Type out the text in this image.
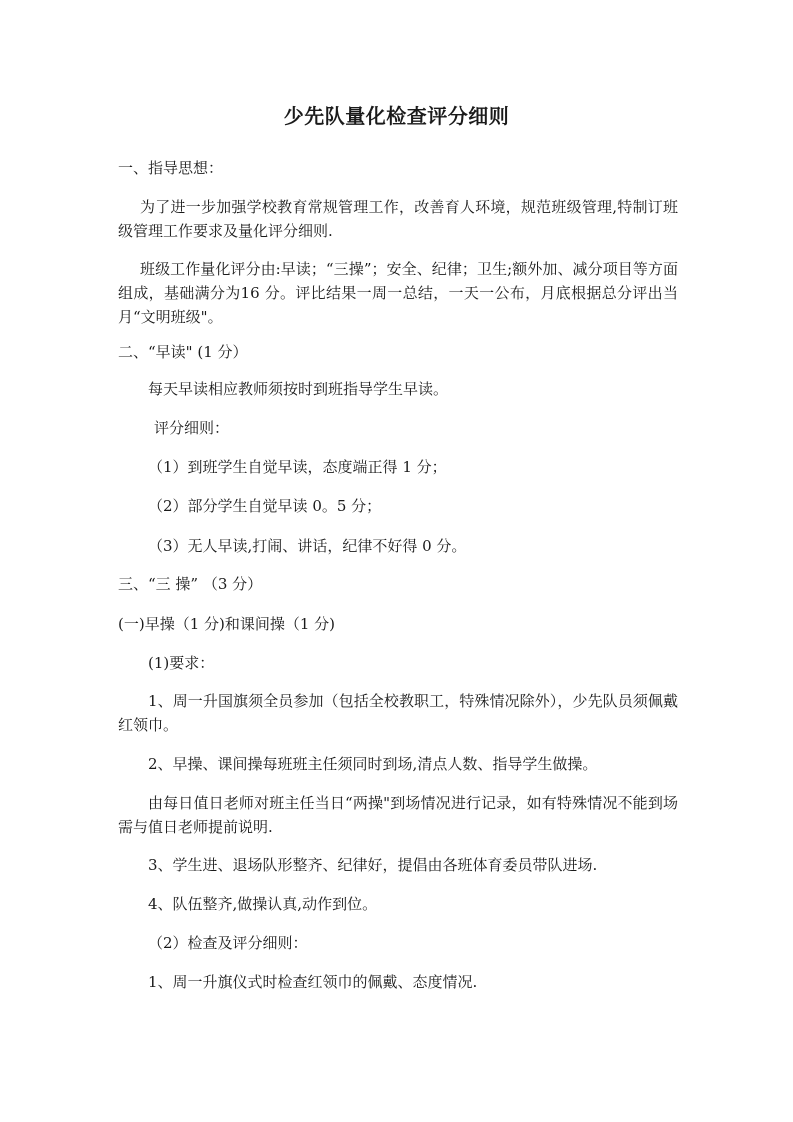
少先队量化检查评分细则
一、指导思想：
为了进一步加强学校教育常规管理工作，改善育人环境，规范班级管理,特制订班级管理工作要求及量化评分细则.
班级工作量化评分由:早读；“三操”；安全、纪律；卫生;额外加、减分项目等方面组成，基础满分为16 分。评比结果一周一总结，一天一公布，月底根据总分评出当月“文明班级"。
二、“早读" (1 分）
每天早读相应教师须按时到班指导学生早读。
评分细则：
（1）到班学生自觉早读，态度端正得 1 分；
（2）部分学生自觉早读 0。5 分；
（3）无人早读,打闹、讲话，纪律不好得 0 分。
三、“三 操” （3 分）
(一)早操（1 分)和课间操（1 分)
(1)要求：
1、周一升国旗须全员参加（包括全校教职工，特殊情况除外），少先队员须佩戴红领巾。
2、早操、课间操每班班主任须同时到场,清点人数、指导学生做操。
由每日值日老师对班主任当日“两操"到场情况进行记录，如有特殊情况不能到场需与值日老师提前说明.
3、学生进、退场队形整齐、纪律好，提倡由各班体育委员带队进场.
4、队伍整齐,做操认真,动作到位。
（2）检查及评分细则：
1、周一升旗仪式时检查红领巾的佩戴、态度情况.
